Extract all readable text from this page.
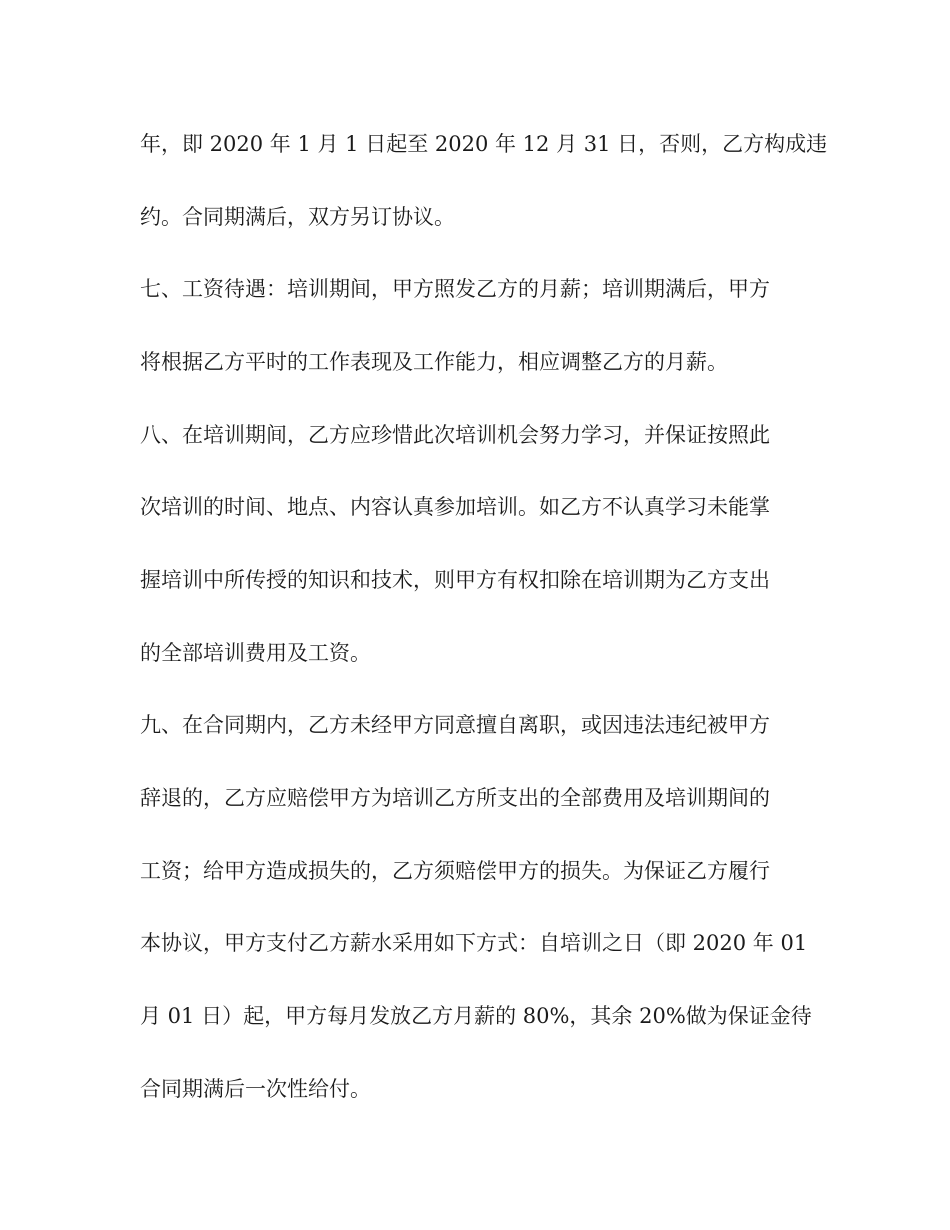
年，即 2020 年 1 月 1 日起至 2020 年 12 月 31 日，否则，乙方构成违

约。合同期满后，双方另订协议。

七、工资待遇：培训期间，甲方照发乙方的月薪；培训期满后，甲方

将根据乙方平时的工作表现及工作能力，相应调整乙方的月薪。

八、在培训期间，乙方应珍惜此次培训机会努力学习，并保证按照此

次培训的时间、地点、内容认真参加培训。如乙方不认真学习未能掌

握培训中所传授的知识和技术，则甲方有权扣除在培训期为乙方支出

的全部培训费用及工资。

九、在合同期内，乙方未经甲方同意擅自离职，或因违法违纪被甲方

辞退的，乙方应赔偿甲方为培训乙方所支出的全部费用及培训期间的

工资；给甲方造成损失的，乙方须赔偿甲方的损失。为保证乙方履行

本协议，甲方支付乙方薪水采用如下方式：自培训之日（即 2020 年 01

月 01 日）起，甲方每月发放乙方月薪的 80%，其余 20%做为保证金待

合同期满后一次性给付。
